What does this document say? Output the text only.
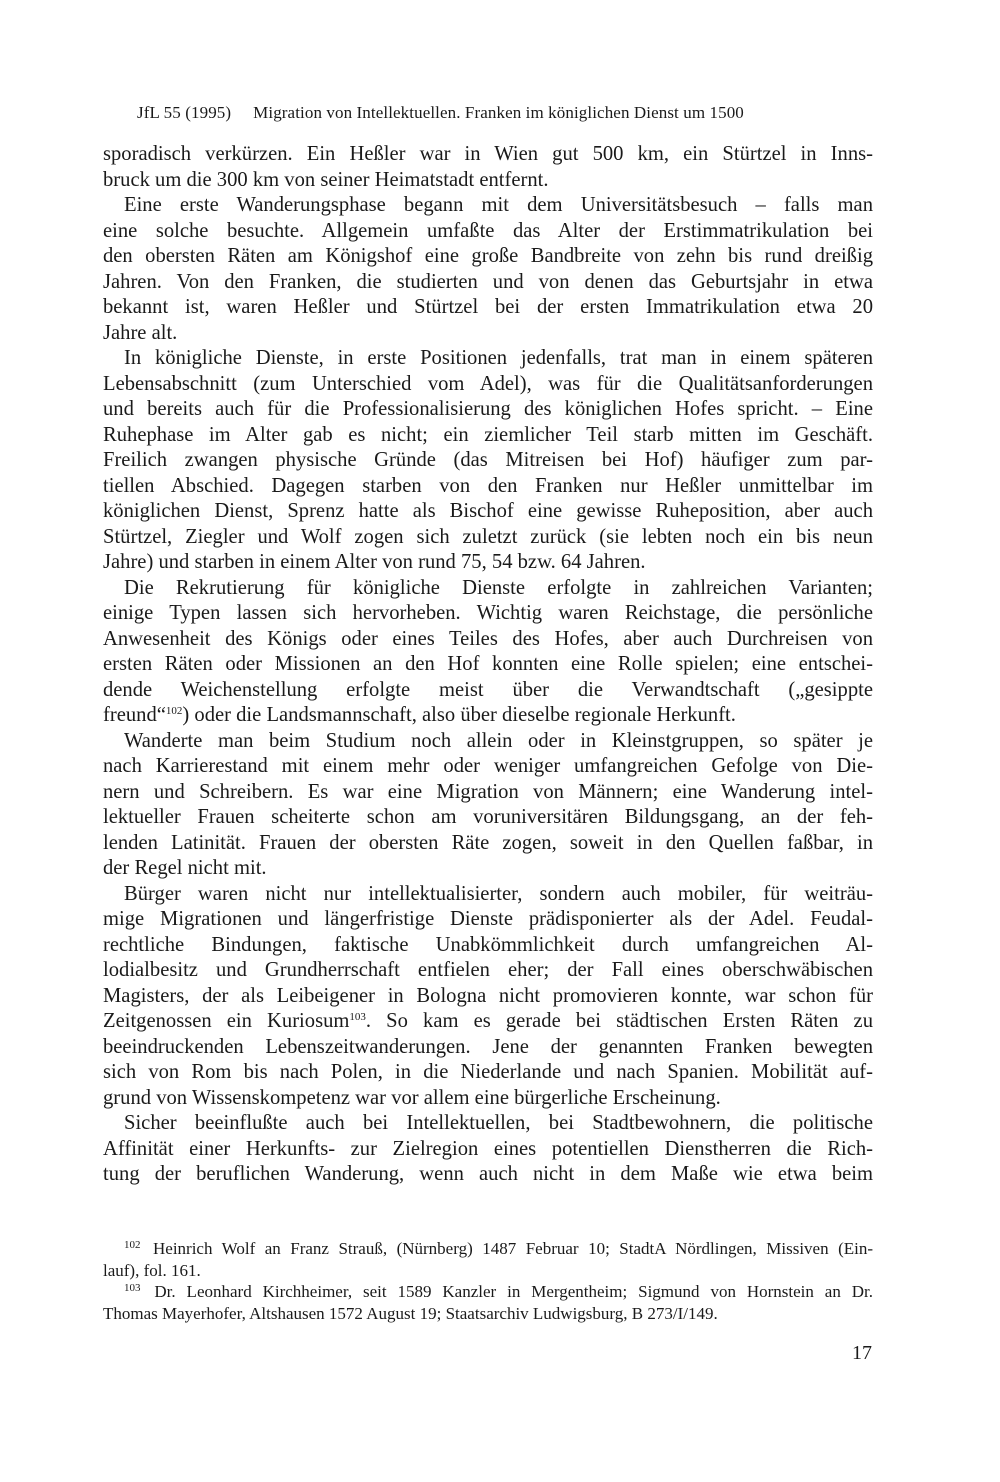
JfL 55 (1995) Migration von Intellektuellen. Franken im königlichen Dienst um 1500
sporadisch verkürzen. Ein Heßler war in Wien gut 500 km, ein Stürtzel in Inns-
bruck um die 300 km von seiner Heimatstadt entfernt.
Eine erste Wanderungsphase begann mit dem Universitätsbesuch – falls man
eine solche besuchte. Allgemein umfaßte das Alter der Erstimmatrikulation bei
den obersten Räten am Königshof eine große Bandbreite von zehn bis rund dreißig
Jahren. Von den Franken, die studierten und von denen das Geburtsjahr in etwa
bekannt ist, waren Heßler und Stürtzel bei der ersten Immatrikulation etwa 20
Jahre alt.
In königliche Dienste, in erste Positionen jedenfalls, trat man in einem späteren
Lebensabschnitt (zum Unterschied vom Adel), was für die Qualitätsanforderungen
und bereits auch für die Professionalisierung des königlichen Hofes spricht. – Eine
Ruhephase im Alter gab es nicht; ein ziemlicher Teil starb mitten im Geschäft.
Freilich zwangen physische Gründe (das Mitreisen bei Hof) häufiger zum par-
tiellen Abschied. Dagegen starben von den Franken nur Heßler unmittelbar im
königlichen Dienst, Sprenz hatte als Bischof eine gewisse Ruheposition, aber auch
Stürtzel, Ziegler und Wolf zogen sich zuletzt zurück (sie lebten noch ein bis neun
Jahre) und starben in einem Alter von rund 75, 54 bzw. 64 Jahren.
Die Rekrutierung für königliche Dienste erfolgte in zahlreichen Varianten;
einige Typen lassen sich hervorheben. Wichtig waren Reichstage, die persönliche
Anwesenheit des Königs oder eines Teiles des Hofes, aber auch Durchreisen von
ersten Räten oder Missionen an den Hof konnten eine Rolle spielen; eine entschei-
dende Weichenstellung erfolgte meist über die Verwandtschaft („gesippte
freund“$^{102}$) oder die Landsmannschaft, also über dieselbe regionale Herkunft.
Wanderte man beim Studium noch allein oder in Kleinstgruppen, so später je
nach Karrierestand mit einem mehr oder weniger umfangreichen Gefolge von Die-
nern und Schreibern. Es war eine Migration von Männern; eine Wanderung intel-
lektueller Frauen scheiterte schon am voruniversitären Bildungsgang, an der feh-
lenden Latinität. Frauen der obersten Räte zogen, soweit in den Quellen faßbar, in
der Regel nicht mit.
Bürger waren nicht nur intellektualisierter, sondern auch mobiler, für weiträu-
mige Migrationen und längerfristige Dienste prädisponierter als der Adel. Feudal-
rechtliche Bindungen, faktische Unabkömmlichkeit durch umfangreichen Al-
lodialbesitz und Grundherrschaft entfielen eher; der Fall eines oberschwäbischen
Magisters, der als Leibeigener in Bologna nicht promovieren konnte, war schon für
Zeitgenossen ein Kuriosum$^{103}$. So kam es gerade bei städtischen Ersten Räten zu
beeindruckenden Lebenszeitwanderungen. Jene der genannten Franken bewegten
sich von Rom bis nach Polen, in die Niederlande und nach Spanien. Mobilität auf-
grund von Wissenskompetenz war vor allem eine bürgerliche Erscheinung.
Sicher beeinflußte auch bei Intellektuellen, bei Stadtbewohnern, die politische
Affinität einer Herkunfts- zur Zielregion eines potentiellen Dienstherren die Rich-
tung der beruflichen Wanderung, wenn auch nicht in dem Maße wie etwa beim
$^{102}$ Heinrich Wolf an Franz Strauß, (Nürnberg) 1487 Februar 10; StadtA Nördlingen, Missiven (Ein-
lauf), fol. 161.
$^{103}$ Dr. Leonhard Kirchheimer, seit 1589 Kanzler in Mergentheim; Sigmund von Hornstein an Dr.
Thomas Mayerhofer, Altshausen 1572 August 19; Staatsarchiv Ludwigsburg, B 273/I/149.
17
